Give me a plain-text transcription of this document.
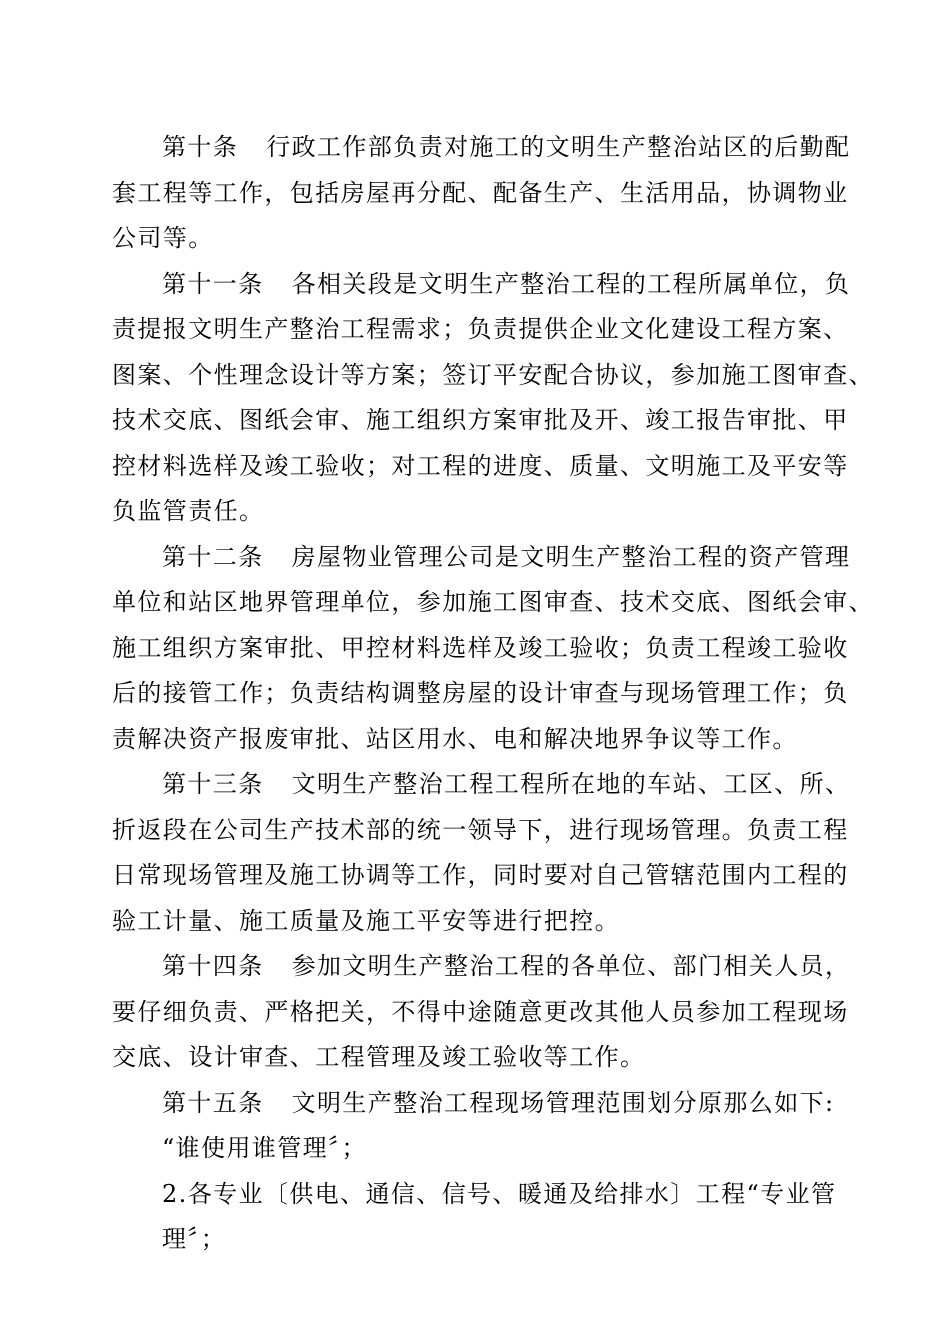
第十条 行政工作部负责对施工的文明生产整治站区的后勤配
套工程等工作，包括房屋再分配、配备生产、生活用品，协调物业
公司等。
第十一条 各相关段是文明生产整治工程的工程所属单位，负
责提报文明生产整治工程需求；负责提供企业文化建设工程方案、
图案、个性理念设计等方案；签订平安配合协议，参加施工图审查、
技术交底、图纸会审、施工组织方案审批及开、竣工报告审批、甲
控材料选样及竣工验收；对工程的进度、质量、文明施工及平安等
负监管责任。
第十二条 房屋物业管理公司是文明生产整治工程的资产管理
单位和站区地界管理单位，参加施工图审查、技术交底、图纸会审、
施工组织方案审批、甲控材料选样及竣工验收；负责工程竣工验收
后的接管工作；负责结构调整房屋的设计审查与现场管理工作；负
责解决资产报废审批、站区用水、电和解决地界争议等工作。
第十三条 文明生产整治工程工程所在地的车站、工区、所、
折返段在公司生产技术部的统一领导下，进行现场管理。负责工程
日常现场管理及施工协调等工作，同时要对自己管辖范围内工程的
验工计量、施工质量及施工平安等进行把控。
第十四条 参加文明生产整治工程的各单位、部门相关人员，
要仔细负责、严格把关，不得中途随意更改其他人员参加工程现场
交底、设计审查、工程管理及竣工验收等工作。
第十五条 文明生产整治工程现场管理范围划分原那么如下:
“谁使用谁管理〞；
2.各专业〔供电、通信、信号、暖通及给排水〕工程“专业管
理〞；
